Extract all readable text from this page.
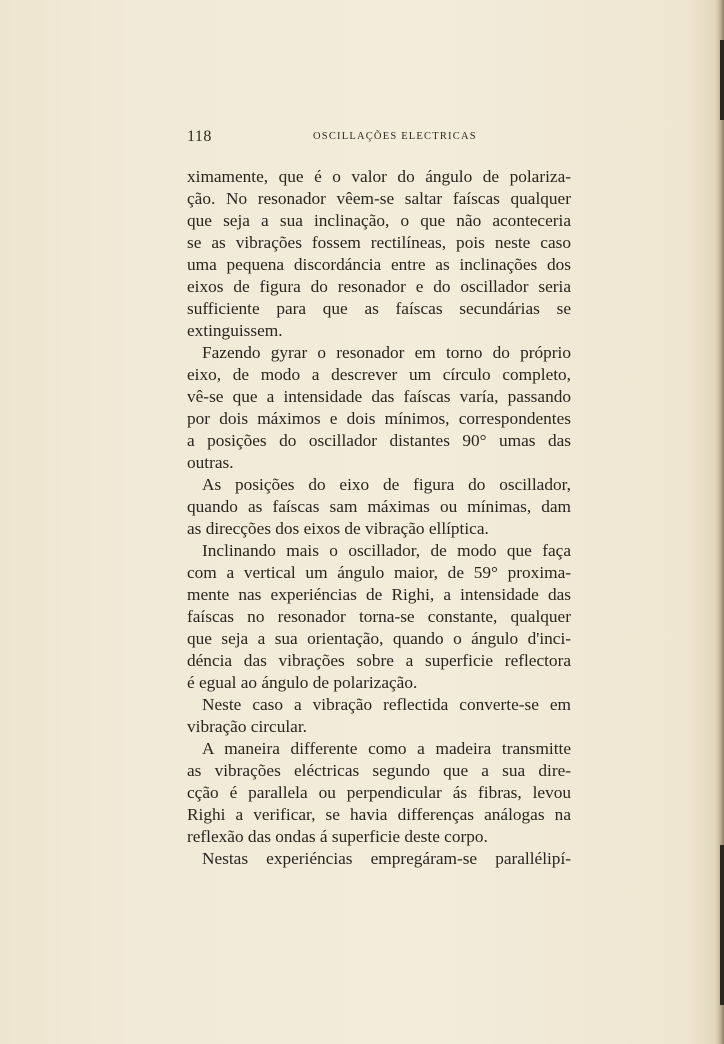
118	OSCILLAÇÕES ELECTRICAS
ximamente, que é o valor do ángulo de polariza-
ção. No resonador vêem-se saltar faíscas qualquer
que seja a sua inclinação, o que não aconteceria
se as vibrações fossem rectilíneas, pois neste caso
uma pequena discordáncia entre as inclinações dos
eixos de figura do resonador e do oscillador seria
sufficiente para que as faíscas secundárias se
extinguissem.
Fazendo gyrar o resonador em torno do próprio
eixo, de modo a descrever um círculo completo,
vê-se que a intensidade das faíscas varía, passando
por dois máximos e dois mínimos, correspondentes
a posições do oscillador distantes 90° umas das
outras.
As posições do eixo de figura do oscillador,
quando as faíscas sam máximas ou mínimas, dam
as direcções dos eixos de vibração ellíptica.
Inclinando mais o oscillador, de modo que faça
com a vertical um ángulo maior, de 59° proxima-
mente nas experiéncias de Righi, a intensidade das
faíscas no resonador torna-se constante, qualquer
que seja a sua orientação, quando o ángulo d'inci-
déncia das vibrações sobre a superficie reflectora
é egual ao ángulo de polarização.
Neste caso a vibração reflectida converte-se em
vibração circular.
A maneira differente como a madeira transmitte
as vibrações eléctricas segundo que a sua dire-
cção é parallela ou perpendicular ás fibras, levou
Righi a verificar, se havia differenças análogas na
reflexão das ondas á superficie deste corpo.
Nestas experiéncias empregáram-se parallélipí-
